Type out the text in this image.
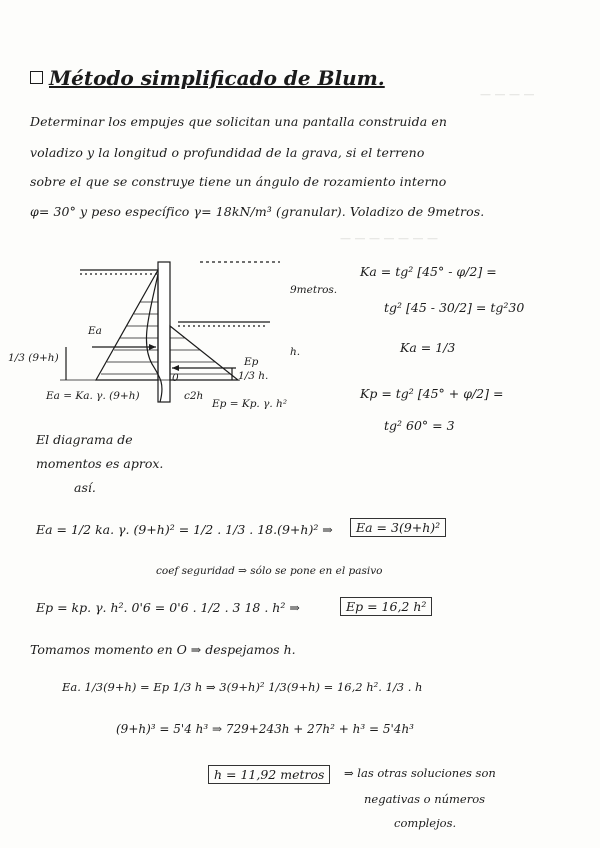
— — — —
— — — — — — —
Método simplificado de Blum.
Determinar los empujes que solicitan una pantalla construida en
voladizo y la longitud o profundidad de la grava, si el terreno
sobre el que se construye tiene un ángulo de rozamiento interno
φ= 30° y peso específico γ= 18kN/m³ (granular). Voladizo de 9metros.
9metros.
h.
Ea
Ep
1/3 (9+h)
1/3 h.
0
c2h
Ea = Ka. γ. (9+h)
Ep = Kp. γ. h²
Ka = tg² [45° - φ/2] =
tg² [45 - 30/2] = tg²30
Ka = 1/3
Kp = tg² [45° + φ/2] =
tg² 60° = 3
El diagrama de
momentos es aprox.
así.
Ea = 1/2 ka. γ. (9+h)² = 1/2 . 1/3 . 18.(9+h)² ⇒	Ea = 3(9+h)²
coef seguridad ⇒ sólo se pone en el pasivo
Ep = kp. γ. h². 0'6 = 0'6 . 1/2 . 3 18 . h² ⇒	Ep = 16,2 h²
Tomamos momento en O ⇒ despejamos h.
Ea. 1/3(9+h) = Ep 1/3 h ⇒ 3(9+h)² 1/3(9+h) = 16,2 h². 1/3 . h
(9+h)³ = 5'4 h³ ⇒ 729+243h + 27h² + h³ = 5'4h³
h = 11,92 metros	⇒ las otras soluciones son
negativas o números
complejos.
